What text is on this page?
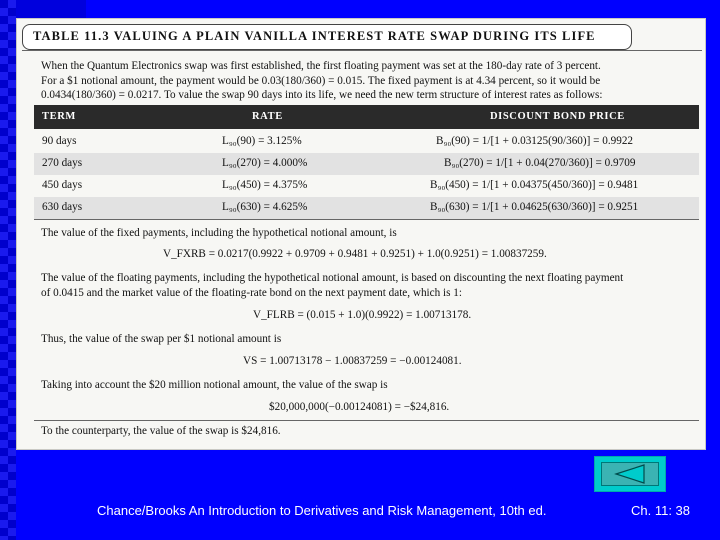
TABLE 11.3 VALUING A PLAIN VANILLA INTEREST RATE SWAP DURING ITS LIFE
When the Quantum Electronics swap was first established, the first floating payment was set at the 180-day rate of 3 percent.
For a $1 notional amount, the payment would be 0.03(180/360) = 0.015. The fixed payment is at 4.34 percent, so it would be
0.0434(180/360) = 0.0217. To value the swap 90 days into its life, we need the new term structure of interest rates as follows:
TERM	RATE	DISCOUNT BOND PRICE
90 days	L₉₀(90) = 3.125%	B₉₀(90) = 1/[1 + 0.03125(90/360)] = 0.9922
270 days	L₉₀(270) = 4.000%	B₉₀(270) = 1/[1 + 0.04(270/360)] = 0.9709
450 days	L₉₀(450) = 4.375%	B₉₀(450) = 1/[1 + 0.04375(450/360)] = 0.9481
630 days	L₉₀(630) = 4.625%	B₉₀(630) = 1/[1 + 0.04625(630/360)] = 0.9251
The value of the fixed payments, including the hypothetical notional amount, is
V_FXRB = 0.0217(0.9922 + 0.9709 + 0.9481 + 0.9251) + 1.0(0.9251) = 1.00837259.
The value of the floating payments, including the hypothetical notional amount, is based on discounting the next floating payment
of 0.0415 and the market value of the floating-rate bond on the next payment date, which is 1:
V_FLRB = (0.015 + 1.0)(0.9922) = 1.00713178.
Thus, the value of the swap per $1 notional amount is
VS = 1.00713178 − 1.00837259 = −0.00124081.
Taking into account the $20 million notional amount, the value of the swap is
$20,000,000(−0.00124081) = −$24,816.
To the counterparty, the value of the swap is $24,816.
Chance/Brooks An Introduction to Derivatives and Risk Management, 10th ed.	Ch. 11: 38
